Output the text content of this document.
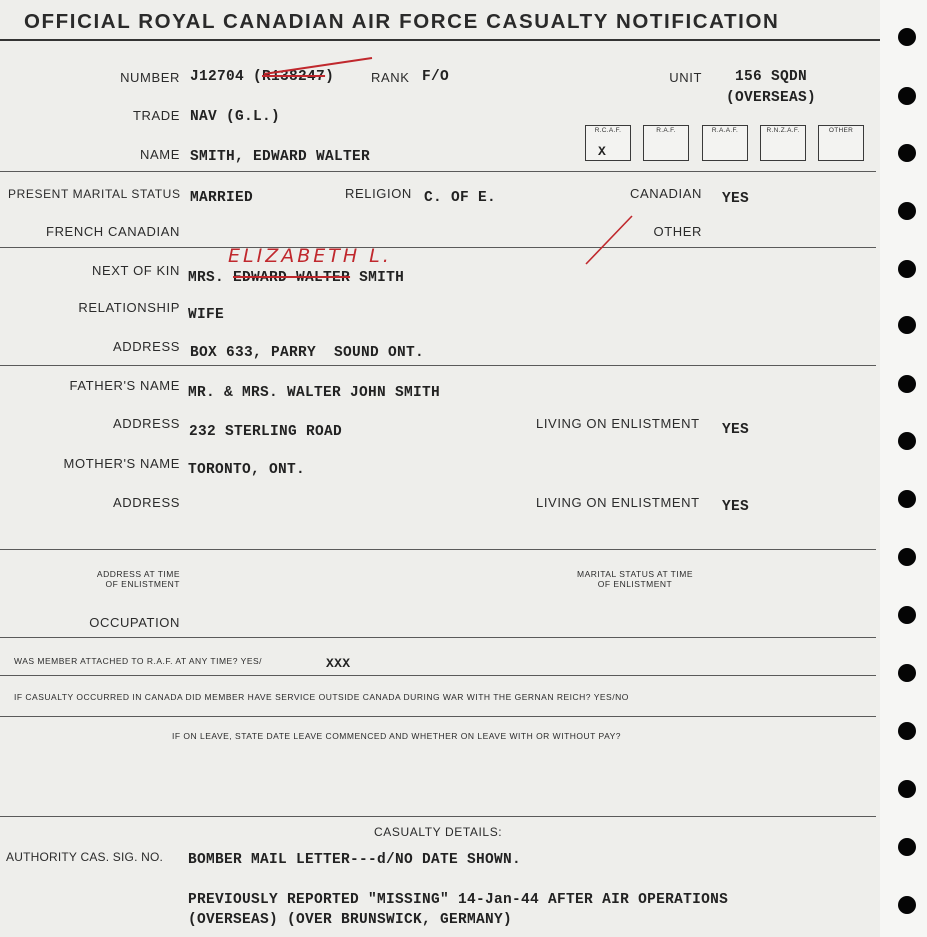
OFFICIAL ROYAL CANADIAN AIR FORCE CASUALTY NOTIFICATION
NUMBER J12704 (R138247)	RANK F/O	UNIT 156 SQDN
(OVERSEAS)
TRADE NAV (G.L.)
R.C.A.F.
X
R.A.F.	R.A.A.F.	R.N.Z.A.F.	OTHER
NAME SMITH, EDWARD WALTER
PRESENT MARITAL STATUS MARRIED	RELIGION C. OF E.	CANADIAN YES
FRENCH CANADIAN	OTHER
ELIZABETH L.
NEXT OF KIN MRS. EDWARD WALTER SMITH
RELATIONSHIP WIFE
ADDRESS BOX 633, PARRY  SOUND ONT.
FATHER'S NAME MR. & MRS. WALTER JOHN SMITH
ADDRESS
232 STERLING ROAD
LIVING ON ENLISTMENT YES
MOTHER'S NAME TORONTO, ONT.
ADDRESS	LIVING ON ENLISTMENT YES
ADDRESS AT TIME
OF ENLISTMENT
MARITAL STATUS AT TIME
OF ENLISTMENT
OCCUPATION
WAS MEMBER ATTACHED TO R.A.F. AT ANY TIME? YES/	XXX
IF CASUALTY OCCURRED IN CANADA DID MEMBER HAVE SERVICE OUTSIDE CANADA DURING WAR WITH THE GERNAN REICH? YES/NO
IF ON LEAVE, STATE DATE LEAVE COMMENCED AND WHETHER ON LEAVE WITH OR WITHOUT PAY?
CASUALTY DETAILS:
AUTHORITY CAS. SIG. NO. BOMBER MAIL LETTER---d/NO DATE SHOWN.
PREVIOUSLY REPORTED "MISSING" 14-Jan-44 AFTER AIR OPERATIONS
(OVERSEAS) (OVER BRUNSWICK, GERMANY)
